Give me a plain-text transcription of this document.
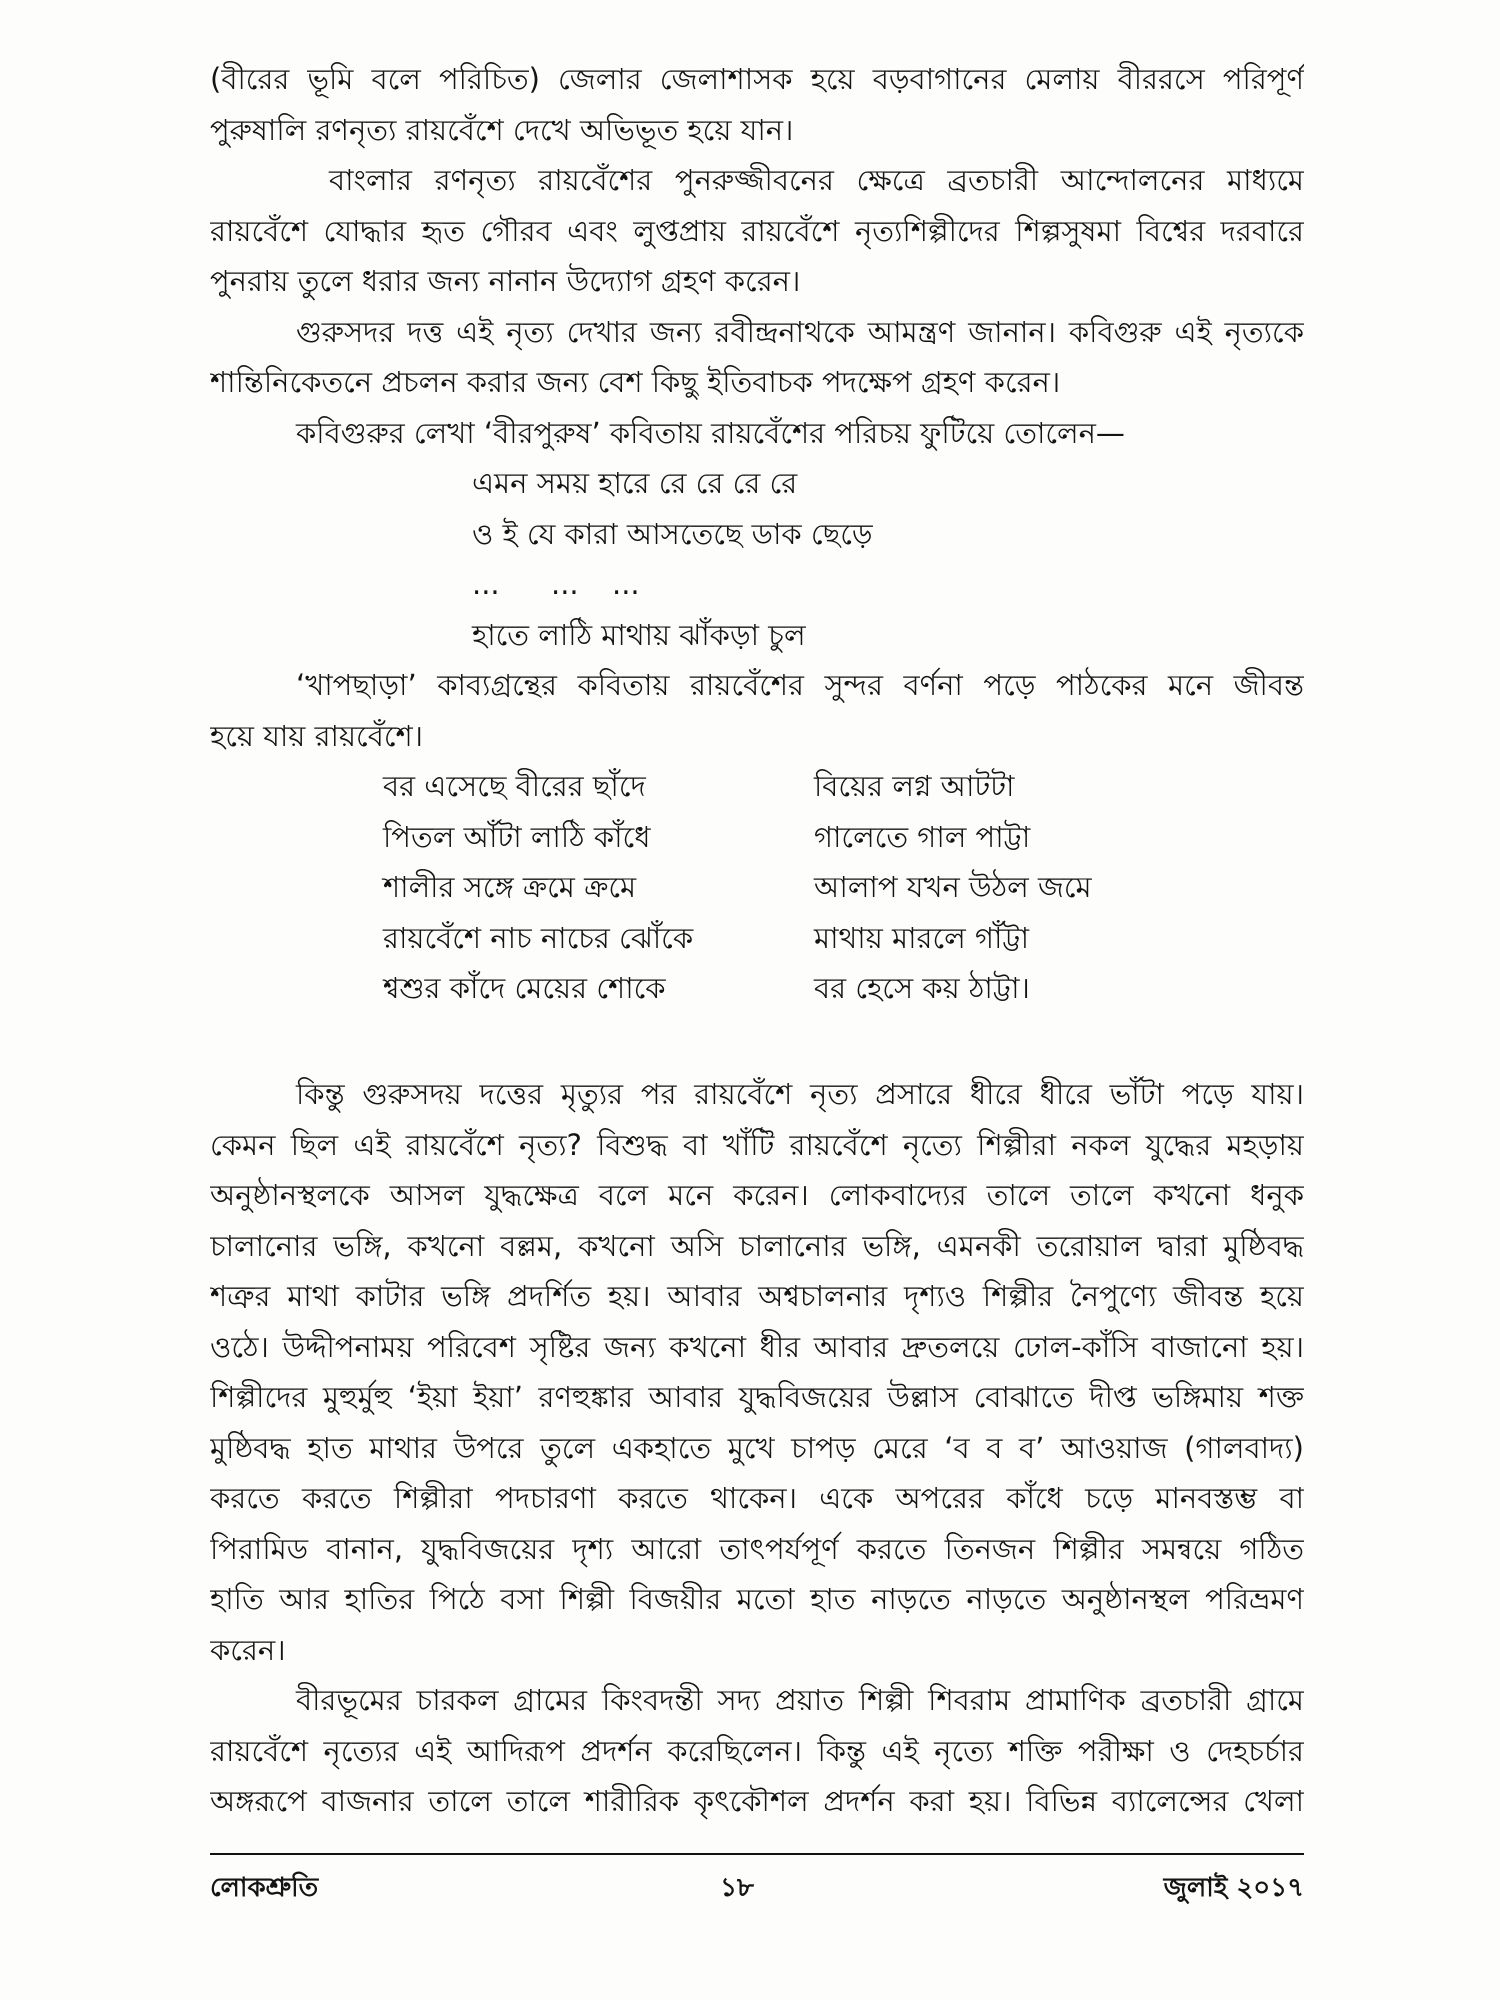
(বীরের ভূমি বলে পরিচিত) জেলার জেলাশাসক হয়ে বড়বাগানের মেলায় বীররসে পরিপূর্ণ
পুরুষালি রণনৃত্য রায়বেঁশে দেখে অভিভূত হয়ে যান।
বাংলার রণনৃত্য রায়বেঁশের পুনরুজ্জীবনের ক্ষেত্রে ব্রতচারী আন্দোলনের মাধ্যমে
রায়বেঁশে যোদ্ধার হৃত গৌরব এবং লুপ্তপ্রায় রায়বেঁশে নৃত্যশিল্পীদের শিল্পসুষমা বিশ্বের দরবারে
পুনরায় তুলে ধরার জন্য নানান উদ্যোগ গ্রহণ করেন।
গুরুসদর দত্ত এই নৃত্য দেখার জন্য রবীন্দ্রনাথকে আমন্ত্রণ জানান। কবিগুরু এই নৃত্যকে
শান্তিনিকেতনে প্রচলন করার জন্য বেশ কিছু ইতিবাচক পদক্ষেপ গ্রহণ করেন।
কবিগুরুর লেখা ‘বীরপুরুষ’ কবিতায় রায়বেঁশের পরিচয় ফুটিয়ে তোলেন—
এমন সময় হারে রে রে রে রে
ও ই যে কারা আসতেছে ডাক ছেড়ে
... ... ...
হাতে লাঠি মাথায় ঝাঁকড়া চুল
‘খাপছাড়া’ কাব্যগ্রন্থের কবিতায় রায়বেঁশের সুন্দর বর্ণনা পড়ে পাঠকের মনে জীবন্ত
হয়ে যায় রায়বেঁশে।
বর এসেছে বীরের ছাঁদে	বিয়ের লগ্ন আটটা
পিতল আঁটা লাঠি কাঁধে	গালেতে গাল পাট্টা
শালীর সঙ্গে ক্রমে ক্রমে	আলাপ যখন উঠল জমে
রায়বেঁশে নাচ নাচের ঝোঁকে	মাথায় মারলে গাঁট্টা
শ্বশুর কাঁদে মেয়ের শোকে	বর হেসে কয় ঠাট্টা।
কিন্তু গুরুসদয় দত্তের মৃত্যুর পর রায়বেঁশে নৃত্য প্রসারে ধীরে ধীরে ভাঁটা পড়ে যায়।
কেমন ছিল এই রায়বেঁশে নৃত্য? বিশুদ্ধ বা খাঁটি রায়বেঁশে নৃত্যে শিল্পীরা নকল যুদ্ধের মহড়ায়
অনুষ্ঠানস্থলকে আসল যুদ্ধক্ষেত্র বলে মনে করেন। লোকবাদ্যের তালে তালে কখনো ধনুক
চালানোর ভঙ্গি, কখনো বল্লম, কখনো অসি চালানোর ভঙ্গি, এমনকী তরোয়াল দ্বারা মুষ্ঠিবদ্ধ
শত্রুর মাথা কাটার ভঙ্গি প্রদর্শিত হয়। আবার অশ্বচালনার দৃশ্যও শিল্পীর নৈপুণ্যে জীবন্ত হয়ে
ওঠে। উদ্দীপনাময় পরিবেশ সৃষ্টির জন্য কখনো ধীর আবার দ্রুতলয়ে ঢোল-কাঁসি বাজানো হয়।
শিল্পীদের মুহুর্মুহু ‘ইয়া ইয়া’ রণহুঙ্কার আবার যুদ্ধবিজয়ের উল্লাস বোঝাতে দীপ্ত ভঙ্গিমায় শক্ত
মুষ্ঠিবদ্ধ হাত মাথার উপরে তুলে একহাতে মুখে চাপড় মেরে ‘ব ব ব’ আওয়াজ (গালবাদ্য)
করতে করতে শিল্পীরা পদচারণা করতে থাকেন। একে অপরের কাঁধে চড়ে মানবস্তম্ভ বা
পিরামিড বানান, যুদ্ধবিজয়ের দৃশ্য আরো তাৎপর্যপূর্ণ করতে তিনজন শিল্পীর সমন্বয়ে গঠিত
হাতি আর হাতির পিঠে বসা শিল্পী বিজয়ীর মতো হাত নাড়তে নাড়তে অনুষ্ঠানস্থল পরিভ্রমণ
করেন।
বীরভূমের চারকল গ্রামের কিংবদন্তী সদ্য প্রয়াত শিল্পী শিবরাম প্রামাণিক ব্রতচারী গ্রামে
রায়বেঁশে নৃত্যের এই আদিরূপ প্রদর্শন করেছিলেন। কিন্তু এই নৃত্যে শক্তি পরীক্ষা ও দেহচর্চার
অঙ্গরূপে বাজনার তালে তালে শারীরিক কৃৎকৌশল প্রদর্শন করা হয়। বিভিন্ন ব্যালেন্সের খেলা
লোকশ্রুতি	১৮	জুলাই ২০১৭
